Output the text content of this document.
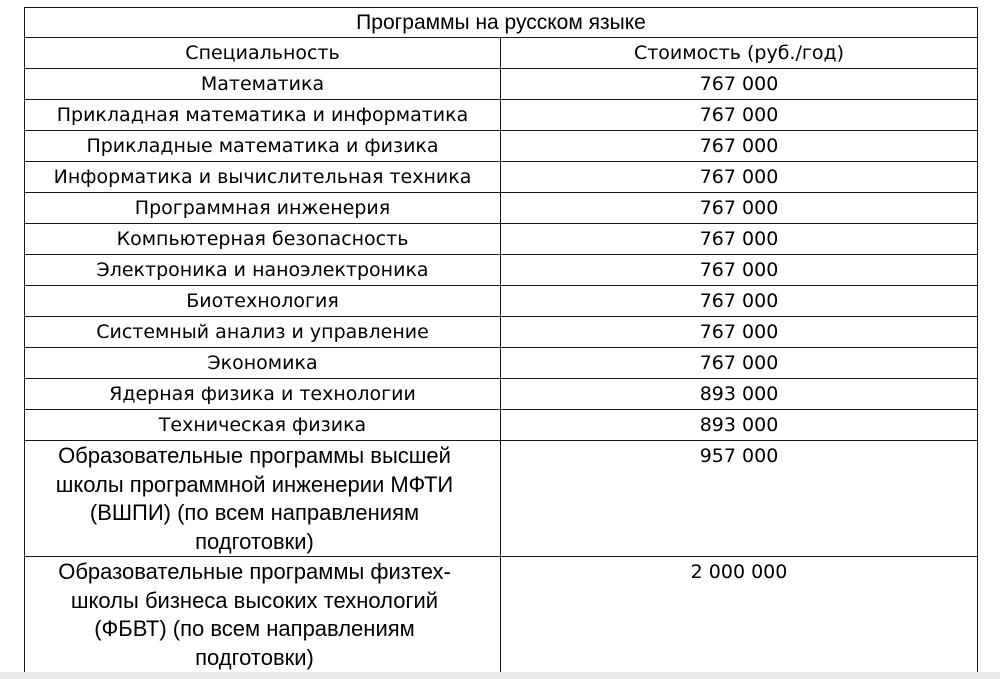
Программы на русском языке	
Специальность	Стоимость (руб./год)
Математика	767 000
Прикладная математика и информатика	767 000
Прикладные математика и физика	767 000
Информатика и вычислительная техника	767 000
Программная инженерия	767 000
Компьютерная безопасность	767 000
Электроника и наноэлектроника	767 000
Биотехнология	767 000
Системный анализ и управление	767 000
Экономика	767 000
Ядерная физика и технологии	893 000
Техническая физика	893 000
Образовательные программы высшей школы программной инженерии МФТИ (ВШПИ) (по всем направлениям подготовки)	957 000
Образовательные программы физтех-школы бизнеса высоких технологий (ФБВТ) (по всем направлениям подготовки)	2 000 000
